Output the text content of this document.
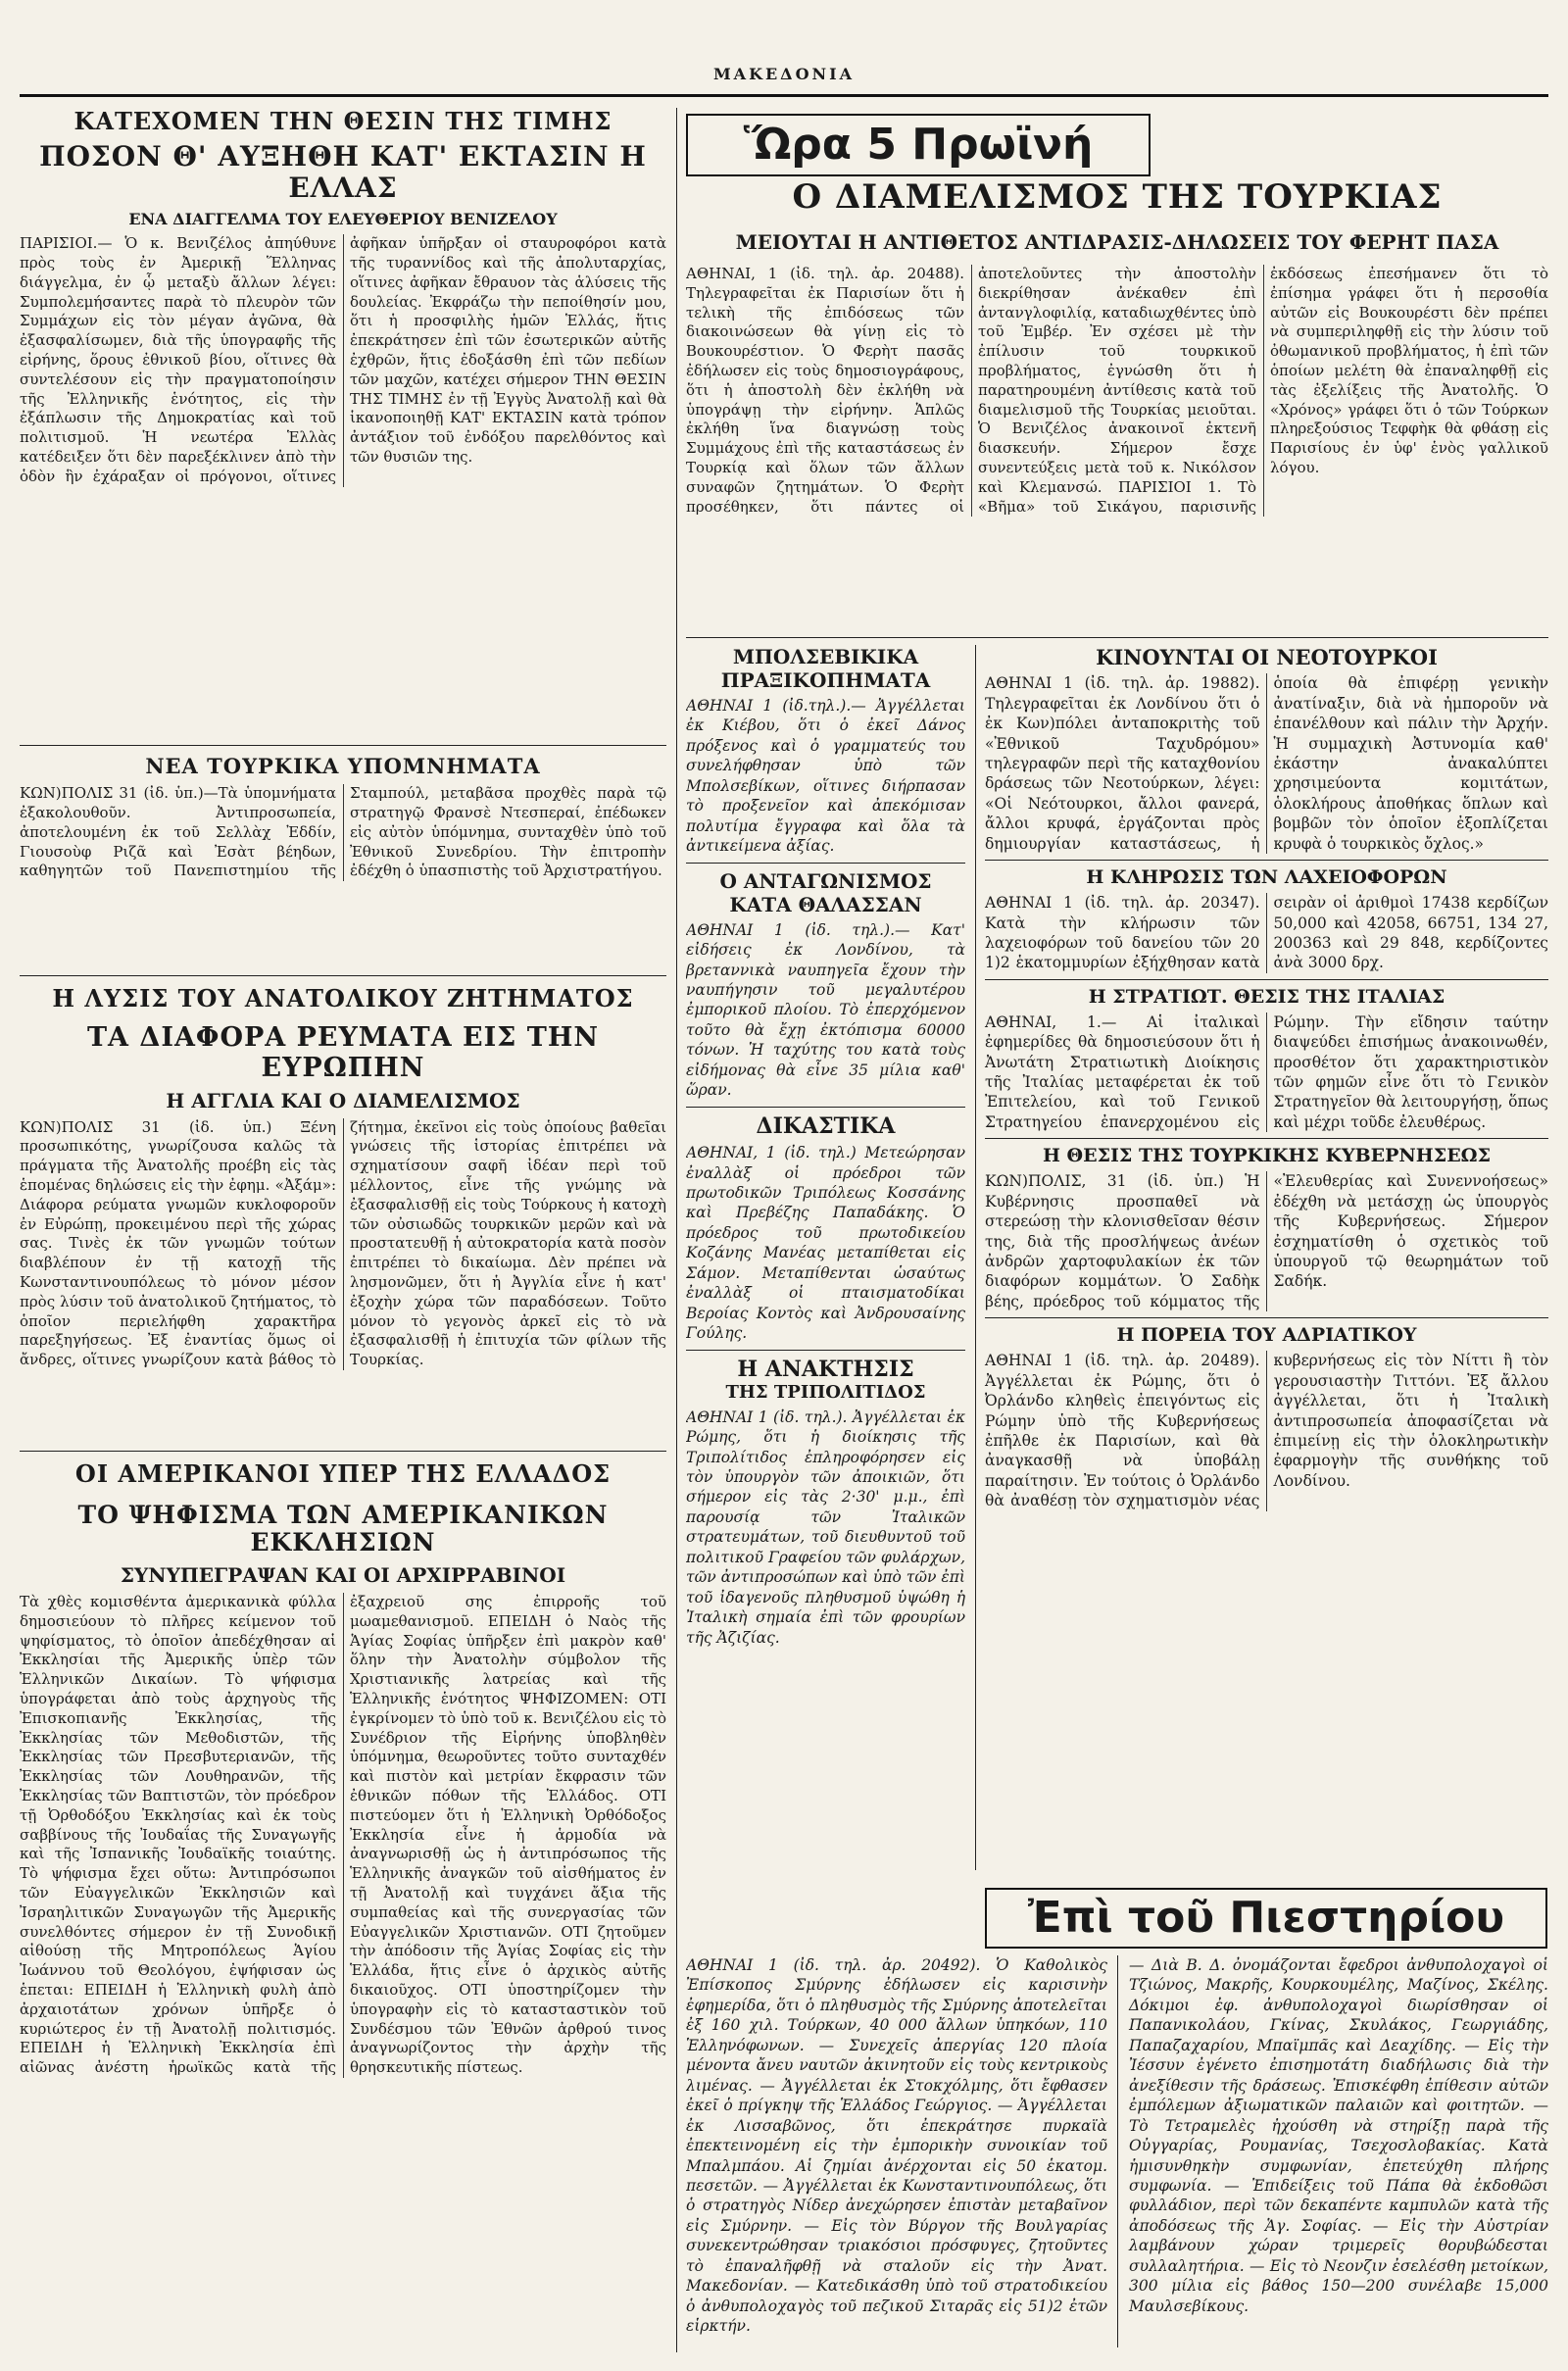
ΜΑΚΕΔΟΝΙΑ

ΚΑΤΕΧΟΜΕΝ ΤΗΝ ΘΕΣΙΝ ΤΗΣ ΤΙΜΗΣ

ΠΟΣΟΝ Θ' ΑΥΞΗΘΗ ΚΑΤ' ΕΚΤΑΣΙΝ Η ΕΛΛΑΣ

ΕΝΑ ΔΙΑΓΓΕΛΜΑ ΤΟΥ ΕΛΕΥΘΕΡΙΟΥ ΒΕΝΙΖΕΛΟΥ

ΠΑΡΙΣΙΟΙ.— Ὁ κ. Βενιζέλος ἀπηύθυνε πρὸς τοὺς ἐν Ἀμερικῇ Ἕλληνας διάγγελμα, ἐν ᾧ μεταξὺ ἄλλων λέγει: Συμπολεμήσαντες παρὰ τὸ πλευρὸν τῶν Συμμάχων εἰς τὸν μέγαν ἀγῶνα, θὰ ἐξασφαλίσωμεν, διὰ τῆς ὑπογραφῆς τῆς εἰρήνης, ὅρους ἐθνικοῦ βίου, οἵτινες θὰ συντελέσουν εἰς τὴν πραγματοποίησιν τῆς Ἑλληνικῆς ἑνότητος, εἰς τὴν ἐξάπλωσιν τῆς Δημοκρατίας καὶ τοῦ πολιτισμοῦ. Ἡ νεωτέρα Ἑλλὰς κατέδειξεν ὅτι δὲν παρεξέκλινεν ἀπὸ τὴν ὁδὸν ἣν ἐχάραξαν οἱ πρόγονοι, οἵτινες ἀφῆκαν ὑπῆρξαν οἱ σταυροφόροι κατὰ τῆς τυραννίδος καὶ τῆς ἀπολυταρχίας, οἵτινες ἀφῆκαν ἔθραυον τὰς ἁλύσεις τῆς δουλείας. Ἐκφράζω τὴν πεποίθησίν μου, ὅτι ἡ προσφιλὴς ἡμῶν Ἑλλάς, ἥτις ἐπεκράτησεν ἐπὶ τῶν ἐσωτερικῶν αὐτῆς ἐχθρῶν, ἥτις ἐδοξάσθη ἐπὶ τῶν πεδίων τῶν μαχῶν, κατέχει σήμερον ΤΗΝ ΘΕΣΙΝ ΤΗΣ ΤΙΜΗΣ ἐν τῇ Ἐγγὺς Ἀνατολῇ καὶ θὰ ἱκανοποιηθῇ ΚΑΤ' ΕΚΤΑΣΙΝ κατὰ τρόπον ἀντάξιον τοῦ ἐνδόξου παρελθόντος καὶ τῶν θυσιῶν της.

ΝΕΑ ΤΟΥΡΚΙΚΑ ΥΠΟΜΝΗΜΑΤΑ

ΚΩΝ)ΠΟΛΙΣ 31 (ἰδ. ὑπ.)—Τὰ ὑπομνήματα ἐξακολουθοῦν. Ἀντιπροσωπεία, ἀποτελουμένη ἐκ τοῦ Σελλὰχ Ἐδδίν, Γιουσοὺφ Ριζᾶ καὶ Ἐσὰτ βέηδων, καθηγητῶν τοῦ Πανεπιστημίου τῆς Σταμπούλ, μεταβᾶσα προχθὲς παρὰ τῷ στρατηγῷ Φρανσὲ Ντεσπεραί, ἐπέδωκεν εἰς αὐτὸν ὑπόμνημα, συνταχθὲν ὑπὸ τοῦ Ἐθνικοῦ Συνεδρίου. Τὴν ἐπιτροπὴν ἐδέχθη ὁ ὑπασπιστὴς τοῦ Ἀρχιστρατήγου.

Η ΛΥΣΙΣ ΤΟΥ ΑΝΑΤΟΛΙΚΟΥ ΖΗΤΗΜΑΤΟΣ

ΤΑ ΔΙΑΦΟΡΑ ΡΕΥΜΑΤΑ ΕΙΣ ΤΗΝ ΕΥΡΩΠΗΝ

Η ΑΓΓΛΙΑ ΚΑΙ Ο ΔΙΑΜΕΛΙΣΜΟΣ

ΚΩΝ)ΠΟΛΙΣ 31 (ἰδ. ὑπ.) Ξένη προσωπικότης, γνωρίζουσα καλῶς τὰ πράγματα τῆς Ἀνατολῆς προέβη εἰς τὰς ἑπομένας δηλώσεις εἰς τὴν ἐφημ. «Ἀξάμ»: Διάφορα ρεύματα γνωμῶν κυκλοφοροῦν ἐν Εὐρώπῃ, προκειμένου περὶ τῆς χώρας σας. Τινὲς ἐκ τῶν γνωμῶν τούτων διαβλέπουν ἐν τῇ κατοχῇ τῆς Κωνσταντινουπόλεως τὸ μόνον μέσον πρὸς λύσιν τοῦ ἀνατολικοῦ ζητήματος, τὸ ὁποῖον περιελήφθη χαρακτῆρα παρεξηγήσεως. Ἐξ ἐναντίας ὅμως οἱ ἄνδρες, οἵτινες γνωρίζουν κατὰ βάθος τὸ ζήτημα, ἐκεῖνοι εἰς τοὺς ὁποίους βαθεῖαι γνώσεις τῆς ἱστορίας ἐπιτρέπει νὰ σχηματίσουν σαφῆ ἰδέαν περὶ τοῦ μέλλοντος, εἶνε τῆς γνώμης νὰ ἐξασφαλισθῇ εἰς τοὺς Τούρκους ἡ κατοχὴ τῶν οὐσιωδῶς τουρκικῶν μερῶν καὶ νὰ προστατευθῇ ἡ αὐτοκρατορία κατὰ ποσὸν ἐπιτρέπει τὸ δικαίωμα. Δὲν πρέπει νὰ λησμονῶμεν, ὅτι ἡ Ἀγγλία εἶνε ἡ κατ' ἐξοχὴν χώρα τῶν παραδόσεων. Τοῦτο μόνον τὸ γεγονὸς ἀρκεῖ εἰς τὸ νὰ ἐξασφαλισθῇ ἡ ἐπιτυχία τῶν φίλων τῆς Τουρκίας.

ΟΙ ΑΜΕΡΙΚΑΝΟΙ ΥΠΕΡ ΤΗΣ ΕΛΛΑΔΟΣ

ΤΟ ΨΗΦΙΣΜΑ ΤΩΝ ΑΜΕΡΙΚΑΝΙΚΩΝ ΕΚΚΛΗΣΙΩΝ

ΣΥΝΥΠΕΓΡΑΨΑΝ ΚΑΙ ΟΙ ΑΡΧΙΡΡΑΒΙΝΟΙ

Τὰ χθὲς κομισθέντα ἀμερικανικὰ φύλλα δημοσιεύουν τὸ πλῆρες κείμενον τοῦ ψηφίσματος, τὸ ὁποῖον ἀπεδέχθησαν αἱ Ἐκκλησίαι τῆς Ἀμερικῆς ὑπὲρ τῶν Ἑλληνικῶν Δικαίων. Τὸ ψήφισμα ὑπογράφεται ἀπὸ τοὺς ἀρχηγοὺς τῆς Ἐπισκοπιανῆς Ἐκκλησίας, τῆς Ἐκκλησίας τῶν Μεθοδιστῶν, τῆς Ἐκκλησίας τῶν Πρεσβυτεριανῶν, τῆς Ἐκκλησίας τῶν Λουθηρανῶν, τῆς Ἐκκλησίας τῶν Βαπτιστῶν, τὸν πρόεδρον τῇ Ὀρθοδόξου Ἐκκλησίας καὶ ἐκ τοὺς σαββίνους τῆς Ἰουδαΐας τῆς Συναγωγῆς καὶ τῆς Ἰσπανικῆς Ἰουδαϊκῆς τοιαύτης. Τὸ ψήφισμα ἔχει οὕτω: Ἀντιπρόσωποι τῶν Εὐαγγελικῶν Ἐκκλησιῶν καὶ Ἰσραηλιτικῶν Συναγωγῶν τῆς Ἀμερικῆς συνελθόντες σήμερον ἐν τῇ Συνοδικῇ αἰθούσῃ τῆς Μητροπόλεως Ἁγίου Ἰωάννου τοῦ Θεολόγου, ἐψήφισαν ὡς ἑπεται: ΕΠΕΙΔΗ ἡ Ἑλληνικὴ φυλὴ ἀπὸ ἀρχαιοτάτων χρόνων ὑπῆρξε ὁ κυριώτερος ἐν τῇ Ἀνατολῇ πολιτισμός. ΕΠΕΙΔΗ ἡ Ἑλληνικὴ Ἐκκλησία ἐπὶ αἰῶνας ἀνέστη ἡρωϊκῶς κατὰ τῆς ἐξαχρειοῦ σης ἐπιρροῆς τοῦ μωαμεθανισμοῦ. ΕΠΕΙΔΗ ὁ Ναὸς τῆς Ἁγίας Σοφίας ὑπῆρξεν ἐπὶ μακρὸν καθ' ὅλην τὴν Ἀνατολὴν σύμβολον τῆς Χριστιανικῆς λατρείας καὶ τῆς Ἑλληνικῆς ἑνότητος ΨΗΦΙΖΟΜΕΝ: ΟΤΙ ἐγκρίνομεν τὸ ὑπὸ τοῦ κ. Βενιζέλου εἰς τὸ Συνέδριον τῆς Εἰρήνης ὑποβληθὲν ὑπόμνημα, θεωροῦντες τοῦτο συνταχθέν καὶ πιστὸν καὶ μετρίαν ἔκφρασιν τῶν ἐθνικῶν πόθων τῆς Ἑλλάδος. ΟΤΙ πιστεύομεν ὅτι ἡ Ἑλληνικὴ Ὀρθόδοξος Ἐκκλησία εἶνε ἡ ἁρμοδία νὰ ἀναγνωρισθῇ ὡς ἡ ἀντιπρόσωπος τῆς Ἑλληνικῆς ἀναγκῶν τοῦ αἰσθήματος ἐν τῇ Ἀνατολῇ καὶ τυγχάνει ἄξια τῆς συμπαθείας καὶ τῆς συνεργασίας τῶν Εὐαγγελικῶν Χριστιανῶν. ΟΤΙ ζητοῦμεν τὴν ἀπόδοσιν τῆς Ἁγίας Σοφίας εἰς τὴν Ἑλλάδα, ἥτις εἶνε ὁ ἀρχικὸς αὐτῆς δικαιοῦχος. ΟΤΙ ὑποστηρίζομεν τὴν ὑπογραφὴν εἰς τὸ κατασταστικὸν τοῦ Συνδέσμου τῶν Ἐθνῶν ἀρθρού τινος ἀναγνωρίζοντος τὴν ἀρχὴν τῆς θρησκευτικῆς πίστεως.

Ὥρα 5 Πρωϊνή

Ο ΔΙΑΜΕΛΙΣΜΟΣ ΤΗΣ ΤΟΥΡΚΙΑΣ

ΜΕΙΟΥΤΑΙ Η ΑΝΤΙΘΕΤΟΣ ΑΝΤΙΔΡΑΣΙΣ-ΔΗΛΩΣΕΙΣ ΤΟΥ ΦΕΡΗΤ ΠΑΣΑ

ΑΘΗΝΑΙ, 1 (ἰδ. τηλ. ἀρ. 20488). Τηλεγραφεῖται ἐκ Παρισίων ὅτι ἡ τελικὴ τῆς ἐπιδόσεως τῶν διακοινώσεων θὰ γίνῃ εἰς τὸ Βουκουρέστιον. Ὁ Φερὴτ πασᾶς ἐδήλωσεν εἰς τοὺς δημοσιογράφους, ὅτι ἡ ἀποστολὴ δὲν ἐκλήθη νὰ ὑπογράψῃ τὴν εἰρήνην. Ἁπλῶς ἐκλήθη ἵνα διαγνώσῃ τοὺς Συμμάχους ἐπὶ τῆς καταστάσεως ἐν Τουρκίᾳ καὶ ὅλων τῶν ἄλλων συναφῶν ζητημάτων. Ὁ Φερὴτ προσέθηκεν, ὅτι πάντες οἱ ἀποτελοῦντες τὴν ἀποστολὴν διεκρίθησαν ἀνέκαθεν ἐπὶ ἀντανγλοφιλίᾳ, καταδιωχθέντες ὑπὸ τοῦ Ἐμβέρ. Ἐν σχέσει μὲ τὴν ἐπίλυσιν τοῦ τουρκικοῦ προβλήματος, ἐγνώσθη ὅτι ἡ παρατηρουμένη ἀντίθεσις κατὰ τοῦ διαμελισμοῦ τῆς Τουρκίας μειοῦται. Ὁ Βενιζέλος ἀνακοινοῖ ἐκτενῆ διασκευήν. Σήμερον ἔσχε συνεντεύξεις μετὰ τοῦ κ. Νικόλσον καὶ Κλεμανσώ. ΠΑΡΙΣΙΟΙ 1. Τὸ «Βῆμα» τοῦ Σικάγου, παρισινῆς ἐκδόσεως ἐπεσήμανεν ὅτι τὸ ἐπίσημα γράφει ὅτι ἡ περσοθία αὐτῶν εἰς Βουκουρέστι δὲν πρέπει νὰ συμπεριληφθῇ εἰς τὴν λύσιν τοῦ ὀθωμανικοῦ προβλήματος, ἡ ἐπὶ τῶν ὁποίων μελέτη θὰ ἐπαναληφθῇ εἰς τὰς ἐξελίξεις τῆς Ἀνατολῆς. Ὁ «Χρόνος» γράφει ὅτι ὁ τῶν Τούρκων πληρεξούσιος Τεφφὴκ θὰ φθάσῃ εἰς Παρισίους ἐν ὑφ' ἑνὸς γαλλικοῦ λόγου.

ΜΠΟΛΣΕΒΙΚΙΚΑ ΠΡΑΞΙΚΟΠΗΜΑΤΑ

ΑΘΗΝΑΙ 1 (ἰδ.τηλ.).— Ἀγγέλλεται ἐκ Κιέβου, ὅτι ὁ ἐκεῖ Δάνος πρόξενος καὶ ὁ γραμματεύς του συνελήφθησαν ὑπὸ τῶν Μπολσεβίκων, οἵτινες διήρπασαν τὸ προξενεῖον καὶ ἀπεκόμισαν πολυτίμα ἔγγραφα καὶ ὅλα τὰ ἀντικείμενα ἀξίας.

Ο ΑΝΤΑΓΩΝΙΣΜΟΣ

ΚΑΤΑ ΘΑΛΑΣΣΑΝ

ΑΘΗΝΑΙ 1 (ἰδ. τηλ.).— Κατ' εἰδήσεις ἐκ Λονδίνου, τὰ βρεταννικὰ ναυπηγεῖα ἔχουν τὴν ναυπήγησιν τοῦ μεγαλυτέρου ἐμπορικοῦ πλοίου. Τὸ ἐπερχόμενον τοῦτο θὰ ἔχῃ ἐκτόπισμα 60000 τόνων. Ἡ ταχύτης του κατὰ τοὺς εἰδήμονας θὰ εἶνε 35 μίλια καθ' ὥραν.

ΔΙΚΑΣΤΙΚΑ

ΑΘΗΝΑΙ, 1 (ἰδ. τηλ.) Μετεώρησαν ἐναλλὰξ οἱ πρόεδροι τῶν πρωτοδικῶν Τριπόλεως Κοσσάνης καὶ Πρεβέζης Παπαδάκης. Ὁ πρόεδρος τοῦ πρωτοδικείου Κοζάνης Μανέας μεταπίθεται εἰς Σάμον. Μεταπίθενται ὡσαύτως ἐναλλὰξ οἱ πταισματοδίκαι Βεροίας Κοντὸς καὶ Ἀνδρουσαίνης Γούλης.

Η ΑΝΑΚΤΗΣΙΣ

ΤΗΣ ΤΡΙΠΟΛΙΤΙΔΟΣ

ΑΘΗΝΑΙ 1 (ἰδ. τηλ.). Ἀγγέλλεται ἐκ Ρώμης, ὅτι ἡ διοίκησις τῆς Τριπολίτιδος ἐπληροφόρησεν εἰς τὸν ὑπουργὸν τῶν ἀποικιῶν, ὅτι σήμερον εἰς τὰς 2·30' μ.μ., ἐπὶ παρουσίᾳ τῶν Ἰταλικῶν στρατευμάτων, τοῦ διευθυντοῦ τοῦ πολιτικοῦ Γραφείου τῶν φυλάρχων, τῶν ἀντιπροσώπων καὶ ὑπὸ τῶν ἐπὶ τοῦ ἰδαγενοῦς πληθυσμοῦ ὑψώθη ἡ Ἰταλικὴ σημαία ἐπὶ τῶν φρουρίων τῆς Ἀζιζίας.

ΚΙΝΟΥΝΤΑΙ ΟΙ ΝΕΟΤΟΥΡΚΟΙ

ΑΘΗΝΑΙ 1 (ἰδ. τηλ. ἀρ. 19882). Τηλεγραφεῖται ἐκ Λονδίνου ὅτι ὁ ἐκ Κων)πόλει ἀνταποκριτὴς τοῦ «Ἐθνικοῦ Ταχυδρόμου» τηλεγραφῶν περὶ τῆς καταχθονίου δράσεως τῶν Νεοτούρκων, λέγει: «Οἱ Νεότουρκοι, ἄλλοι φανερά, ἄλλοι κρυφά, ἐργάζονται πρὸς δημιουργίαν καταστάσεως, ἡ ὁποία θὰ ἐπιφέρῃ γενικὴν ἀνατίναξιν, διὰ νὰ ἠμποροῦν νὰ ἐπανέλθουν καὶ πάλιν τὴν Ἀρχήν. Ἡ συμμαχικὴ Ἀστυνομία καθ' ἑκάστην ἀνακαλύπτει χρησιμεύοντα κομιτάτων, ὁλοκλήρους ἀποθήκας ὅπλων καὶ βομβῶν τὸν ὁποῖον ἐξοπλίζεται κρυφὰ ὁ τουρκικὸς ὄχλος.»

Η ΚΛΗΡΩΣΙΣ ΤΩΝ ΛΑΧΕΙΟΦΟΡΩΝ

ΑΘΗΝΑΙ 1 (ἰδ. τηλ. ἀρ. 20347). Κατὰ τὴν κλήρωσιν τῶν λαχειοφόρων τοῦ δανείου τῶν 20 1)2 ἑκατομμυρίων ἐξήχθησαν κατὰ σειρὰν οἱ ἀριθμοὶ 17438 κερδίζων 50,000 καὶ 42058, 66751, 134 27, 200363 καὶ 29 848, κερδίζοντες ἀνὰ 3000 δρχ.

Η ΣΤΡΑΤΙΩΤ. ΘΕΣΙΣ ΤΗΣ ΙΤΑΛΙΑΣ

ΑΘΗΝΑΙ, 1.— Αἱ ἰταλικαὶ ἐφημερίδες θὰ δημοσιεύσουν ὅτι ἡ Ἀνωτάτη Στρατιωτικὴ Διοίκησις τῆς Ἰταλίας μεταφέρεται ἐκ τοῦ Ἐπιτελείου, καὶ τοῦ Γενικοῦ Στρατηγείου ἐπανερχομένου εἰς Ρώμην. Τὴν εἴδησιν ταύτην διαψεύδει ἐπισήμως ἀνακοινωθέν, προσθέτον ὅτι χαρακτηριστικὸν τῶν φημῶν εἶνε ὅτι τὸ Γενικὸν Στρατηγεῖον θὰ λειτουργήσῃ, ὅπως καὶ μέχρι τοῦδε ἐλευθέρως.

Η ΘΕΣΙΣ ΤΗΣ ΤΟΥΡΚΙΚΗΣ ΚΥΒΕΡΝΗΣΕΩΣ

ΚΩΝ)ΠΟΛΙΣ, 31 (ἰδ. ὑπ.) Ἡ Κυβέρνησις προσπαθεῖ νὰ στερεώσῃ τὴν κλονισθεῖσαν θέσιν της, διὰ τῆς προσλήψεως ἀνέων ἀνδρῶν χαρτοφυλακίων ἐκ τῶν διαφόρων κομμάτων. Ὁ Σαδὴκ βέης, πρόεδρος τοῦ κόμματος τῆς «Ἐλευθερίας καὶ Συνεννοήσεως» ἐδέχθη νὰ μετάσχῃ ὡς ὑπουργὸς τῆς Κυβερνήσεως. Σήμερον ἐσχηματίσθη ὁ σχετικὸς τοῦ ὑπουργοῦ τῷ θεωρημάτων τοῦ Σαδήκ.

Η ΠΟΡΕΙΑ ΤΟΥ ΑΔΡΙΑΤΙΚΟΥ

ΑΘΗΝΑΙ 1 (ἰδ. τηλ. ἀρ. 20489). Ἀγγέλλεται ἐκ Ρώμης, ὅτι ὁ Ὀρλάνδο κληθεὶς ἐπειγόντως εἰς Ρώμην ὑπὸ τῆς Κυβερνήσεως ἐπῆλθε ἐκ Παρισίων, καὶ θὰ ἀναγκασθῇ νὰ ὑποβάλῃ παραίτησιν. Ἐν τούτοις ὁ Ὀρλάνδο θὰ ἀναθέσῃ τὸν σχηματισμὸν νέας κυβερνήσεως εἰς τὸν Νίττι ἢ τὸν γερουσιαστὴν Τιττόνι. Ἐξ ἄλλου ἀγγέλλεται, ὅτι ἡ Ἰταλικὴ ἀντιπροσωπεία ἀποφασίζεται νὰ ἐπιμείνῃ εἰς τὴν ὁλοκληρωτικὴν ἐφαρμογὴν τῆς συνθήκης τοῦ Λονδίνου.

Ἐπὶ τοῦ Πιεστηρίου

ΑΘΗΝΑΙ 1 (ἰδ. τηλ. ἀρ. 20492). Ὁ Καθολικὸς Ἐπίσκοπος Σμύρνης ἐδήλωσεν εἰς καρισινὴν ἐφημερίδα, ὅτι ὁ πληθυσμὸς τῆς Σμύρνης ἀποτελεῖται ἐξ 160 χιλ. Τούρκων, 40 000 ἄλλων ὑπηκόων, 110 Ἑλληνόφωνων. — Συνεχεῖς ἀπεργίας 120 πλοία μένοντα ἄνευ ναυτῶν ἀκινητοῦν εἰς τοὺς κεντρικοὺς λιμένας. — Ἀγγέλλεται ἐκ Στοκχόλμης, ὅτι ἔφθασεν ἐκεῖ ὁ πρίγκηψ τῆς Ἑλλάδος Γεώργιος. — Ἀγγέλλεται ἐκ Λισσαβῶνος, ὅτι ἐπεκράτησε πυρκαϊὰ ἐπεκτεινομένη εἰς τὴν ἐμπορικὴν συνοικίαν τοῦ Μπαλμπάου. Αἱ ζημίαι ἀνέρχονται εἰς 50 ἑκατομ. πεσετῶν. — Ἀγγέλλεται ἐκ Κωνσταντινουπόλεως, ὅτι ὁ στρατηγὸς Νίδερ ἀνεχώρησεν ἐπιστὰν μεταβαῖνον εἰς Σμύρνην. — Εἰς τὸν Βύργον τῆς Βουλγαρίας συνεκεντρώθησαν τριακόσιοι πρόσφυγες, ζητοῦντες τὸ ἐπαναλῆφθῇ νὰ σταλοῦν εἰς τὴν Ἀνατ. Μακεδονίαν. — Κατεδικάσθη ὑπὸ τοῦ στρατοδικείου ὁ ἀνθυπολοχαγὸς τοῦ πεζικοῦ Σιταρᾶς εἰς 51)2 ἐτῶν εἱρκτήν.

— Διὰ Β. Δ. ὀνομάζονται ἔφεδροι ἀνθυπολοχαγοὶ οἱ Τζιώνος, Μακρῆς, Κουρκουμέλης, Μαζίνος, Σκέλης. Δόκιμοι ἐφ. ἀνθυπολοχαγοὶ διωρίσθησαν οἱ Παπανικολάου, Γκίνας, Σκυλάκος, Γεωργιάδης, Παπαζαχαρίου, Μπαϊμπᾶς καὶ Δεαχίδης. — Εἰς τὴν Ἰέσσυν ἐγένετο ἐπισημοτάτη διαδήλωσις διὰ τὴν ἀνεξίθεσιν τῆς δράσεως. Ἐπισκέφθη ἐπίθεσιν αὐτῶν ἐμπόλεμων ἀξιωματικῶν παλαιῶν καὶ φοιτητῶν. — Τὸ Τετραμελὲς ἠχούσθη νὰ στηρίξῃ παρὰ τῆς Οὐγγαρίας, Ρουμανίας, Τσεχοσλοβακίας. Κατὰ ἡμισυνθηκὴν συμφωνίαν, ἐπετεύχθη πλήρης συμφωνία. — Ἐπιδείξεις τοῦ Πάπα θὰ ἐκδοθῶσι φυλλάδιον, περὶ τῶν δεκαπέντε καμπυλῶν κατὰ τῆς ἀποδόσεως τῆς Ἁγ. Σοφίας. — Εἰς τὴν Αὐστρίαν λαμβάνουν χώραν τριμερεῖς θορυβώδεσται συλλαλητήρια. — Εἰς τὸ Νεονζιν ἐσελέσθη μετοίκων, 300 μίλια εἰς βάθος 150—200 συνέλαβε 15,000 Μαυλσεβίκους.
